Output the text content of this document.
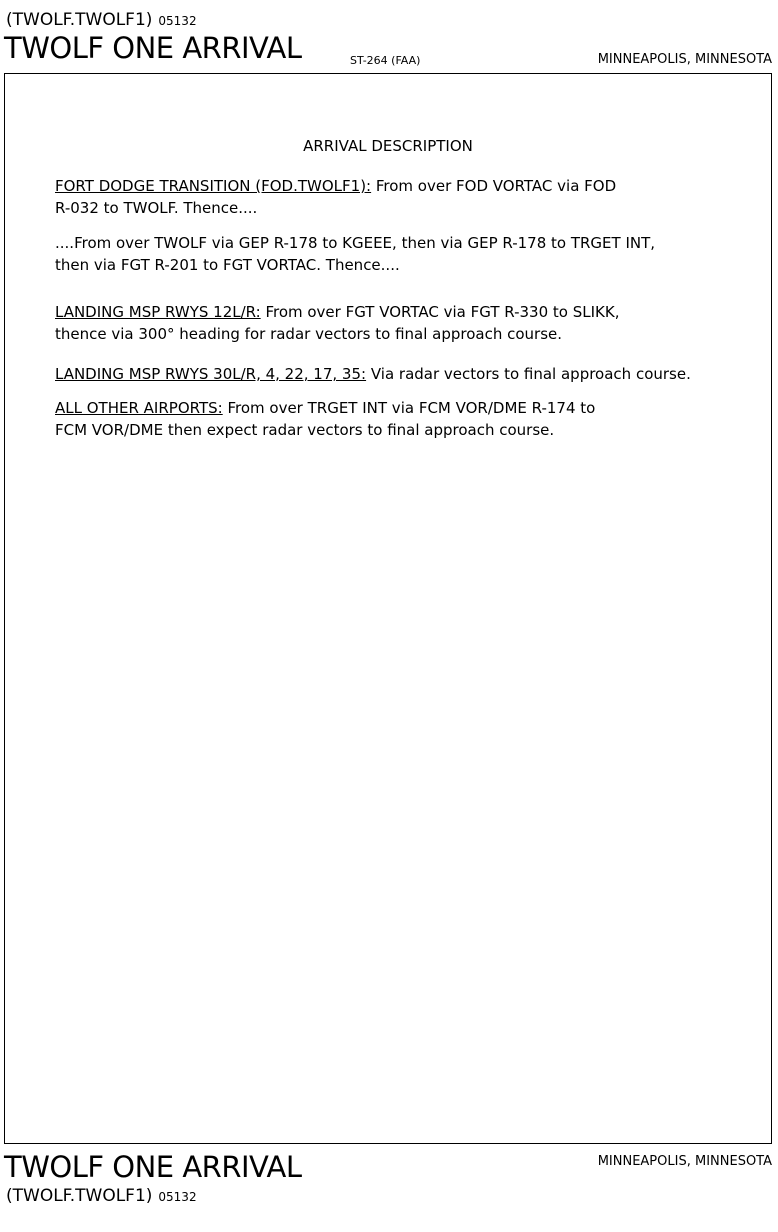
(TWOLF.TWOLF1) 05132
TWOLF ONE ARRIVAL	ST-264 (FAA)	MINNEAPOLIS, MINNESOTA
ARRIVAL DESCRIPTION
FORT DODGE TRANSITION (FOD.TWOLF1): From over FOD VORTAC via FOD
R-032 to TWOLF. Thence....
....From over TWOLF via GEP R-178 to KGEEE, then via GEP R-178 to TRGET INT,
then via FGT R-201 to FGT VORTAC. Thence....
LANDING MSP RWYS 12L/R: From over FGT VORTAC via FGT R-330 to SLIKK,
thence via 300° heading for radar vectors to final approach course.
LANDING MSP RWYS 30L/R, 4, 22, 17, 35: Via radar vectors to final approach course.
ALL OTHER AIRPORTS: From over TRGET INT via FCM VOR/DME R-174 to
FCM VOR/DME then expect radar vectors to final approach course.
TWOLF ONE ARRIVAL	MINNEAPOLIS, MINNESOTA
(TWOLF.TWOLF1) 05132
